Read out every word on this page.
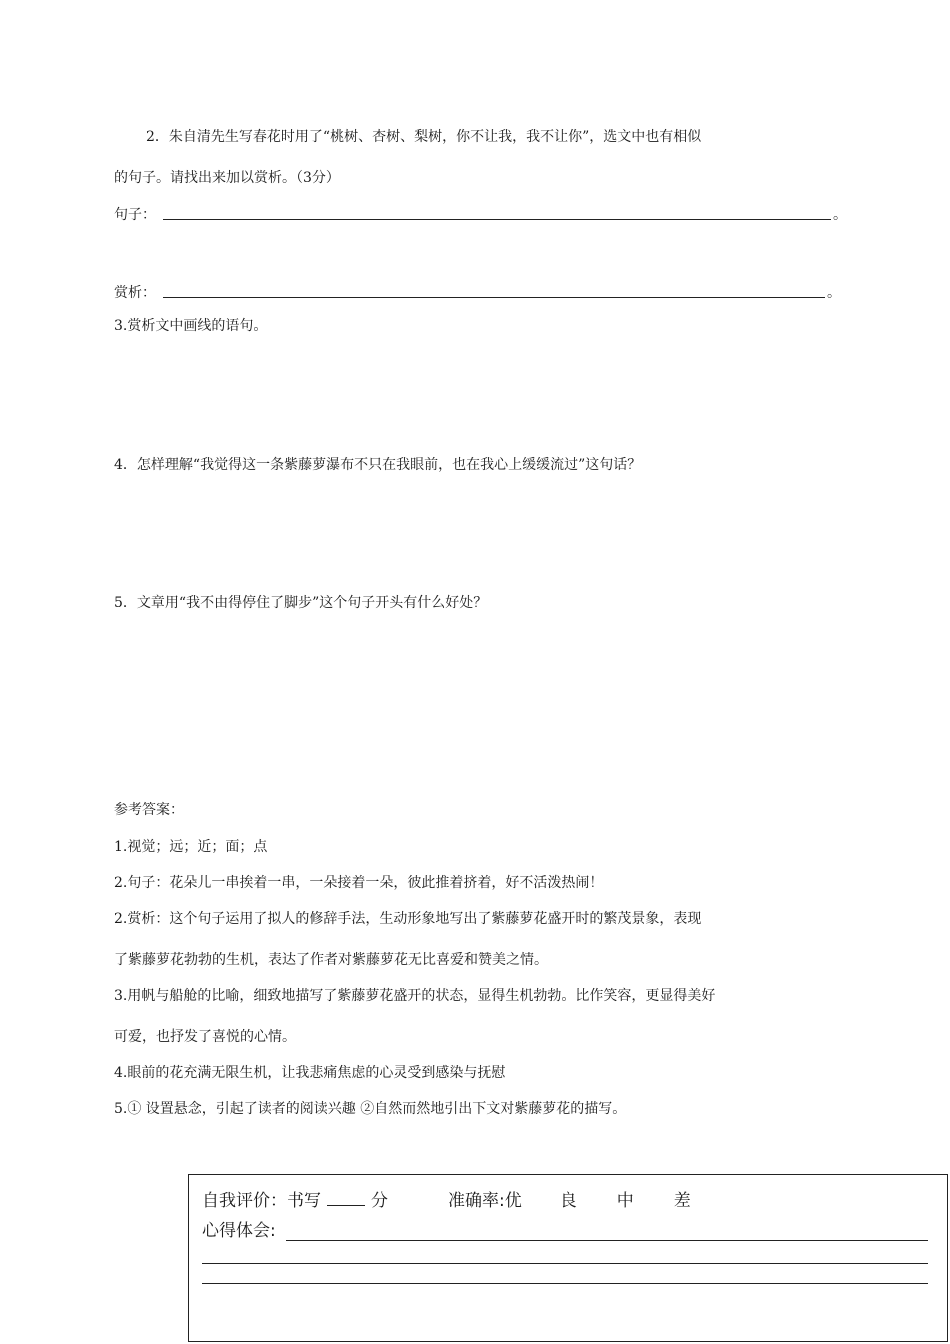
2．朱自清先生写春花时用了“桃树、杏树、梨树，你不让我，我不让你”，选文中也有相似
的句子。请找出来加以赏析。（3分）
句子：	。
赏析：	。
3.赏析文中画线的语句。
4．怎样理解“我觉得这一条紫藤萝瀑布不只在我眼前，也在我心上缓缓流过”这句话？
5．文章用“我不由得停住了脚步”这个句子开头有什么好处？
参考答案：
1.视觉；远；近；面；点
2.句子：花朵儿一串挨着一串，一朵接着一朵，彼此推着挤着，好不活泼热闹！
2.赏析：这个句子运用了拟人的修辞手法，生动形象地写出了紫藤萝花盛开时的繁茂景象，表现
了紫藤萝花勃勃的生机，表达了作者对紫藤萝花无比喜爱和赞美之情。
3.用帆与船舱的比喻，细致地描写了紫藤萝花盛开的状态，显得生机勃勃。比作笑容，更显得美好
可爱，也抒发了喜悦的心情。
4.眼前的花充满无限生机，让我悲痛焦虑的心灵受到感染与抚慰
5.① 设置悬念，引起了读者的阅读兴趣 ②自然而然地引出下文对紫藤萝花的描写。
自我评价：书写	分	准确率:优 良 中 差
心得体会:
